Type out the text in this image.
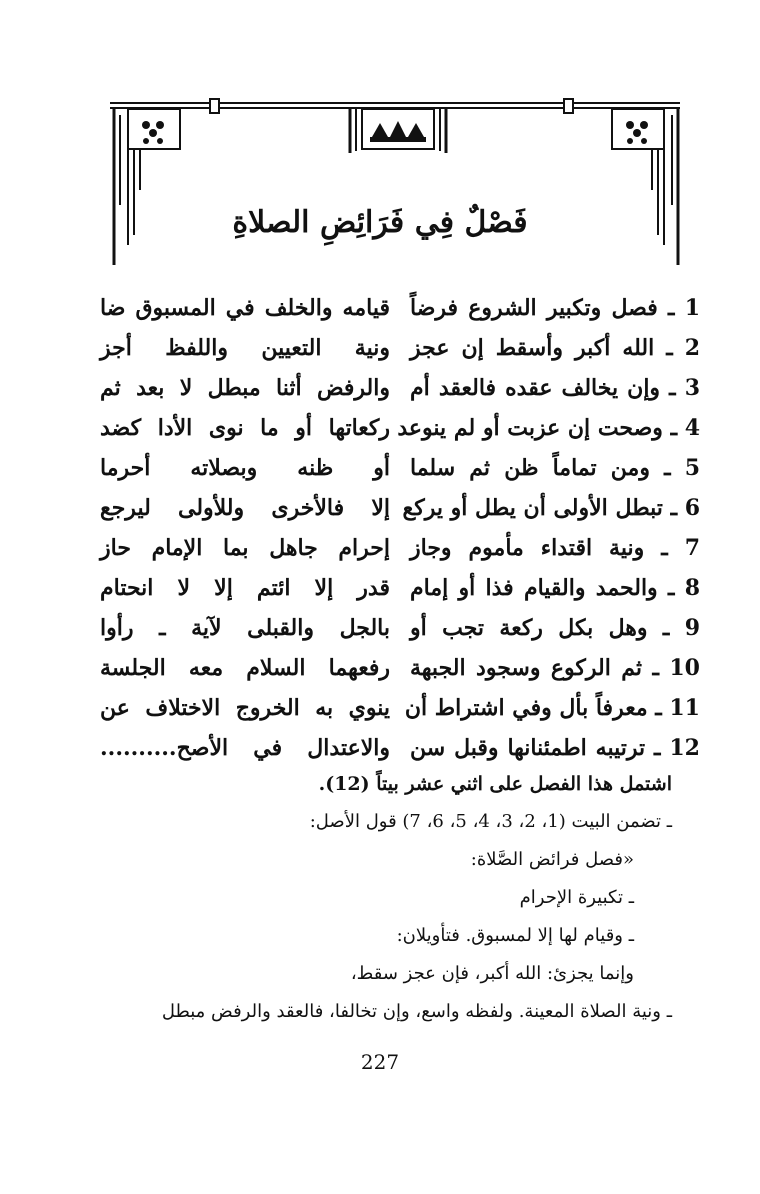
فَصْلٌ فِي فَرَائِضِ الصلاةِ
1 ـ فصل وتكبير الشروع فرضاً
قيامه والخلف في المسبوق ضا
2 ـ الله أكبر وأسقط إن عجز
ونية التعيين واللفظ أجز
3 ـ وإن يخالف عقده فالعقد أم
والرفض أثنا مبطل لا بعد ثم
4 ـ وصحت إن عزبت أو لم ينوعد
ركعاتها أو ما نوى الأدا كضد
5 ـ ومن تماماً ظن ثم سلما
أو ظنه وبصلاته أحرما
6 ـ تبطل الأولى أن يطل أو يركع
إلا فالأخرى وللأولى ليرجع
7 ـ ونية اقتداء مأموم وجاز
إحرام جاهل بما الإمام حاز
8 ـ والحمد والقيام فذا أو إمام
قدر إلا ائتم إلا لا انحتام
9 ـ وهل بكل ركعة تجب أو
بالجل والقبلى لآية ـ رأوا
10 ـ ثم الركوع وسجود الجبهة
رفعهما السلام معه الجلسة
11 ـ معرفاً بأل وفي اشتراط أن
ينوي به الخروج الاختلاف عن
12 ـ ترتيبه اطمئنانها وقبل سن
والاعتدال في الأصح..........
اشتمل هذا الفصل على اثني عشر بيتاً (12).
ـ تضمن البيت (1، 2، 3، 4، 5، 6، 7) قول الأصل:
«فصل فرائض الصَّلاة:
ـ تكبيرة الإحرام
ـ وقيام لها إلا لمسبوق. فتأويلان:
وإنما يجزئ: الله أكبر، فإن عجز سقط،
ـ ونية الصلاة المعينة. ولفظه واسع، وإن تخالفا، فالعقد والرفض مبطل
227
